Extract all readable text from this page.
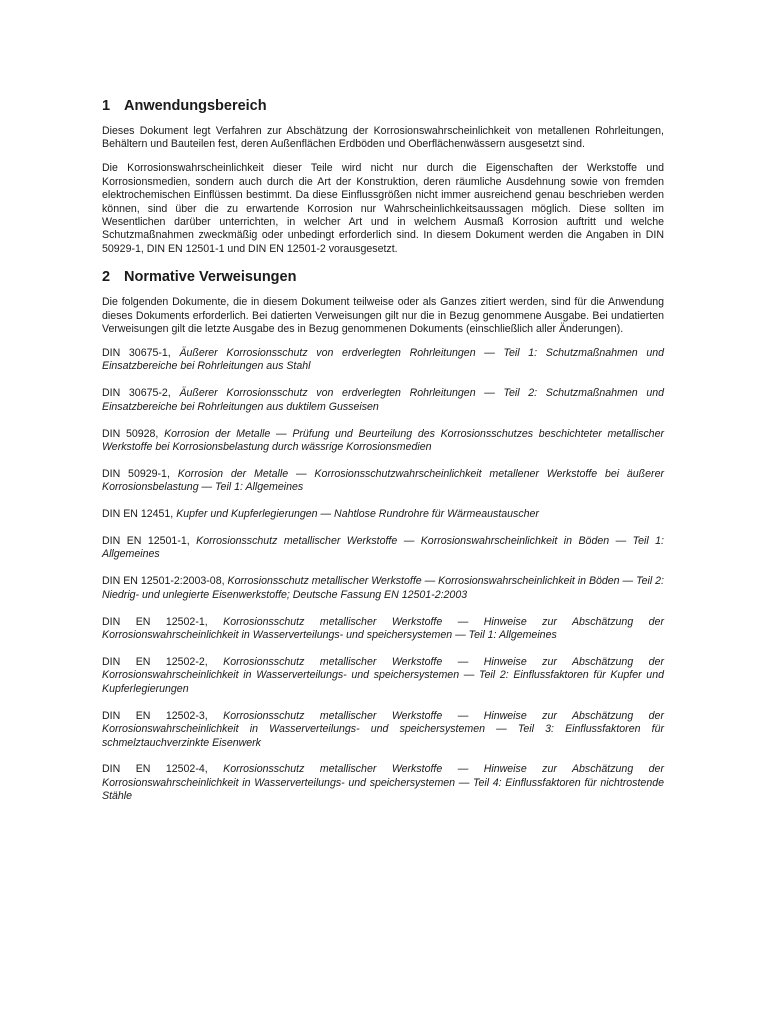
1 Anwendungsbereich

Dieses Dokument legt Verfahren zur Abschätzung der Korrosionswahrscheinlichkeit von metallenen Rohrleitungen, Behältern und Bauteilen fest, deren Außenflächen Erdböden und Oberflächenwässern ausgesetzt sind.

Die Korrosionswahrscheinlichkeit dieser Teile wird nicht nur durch die Eigenschaften der Werkstoffe und Korrosionsmedien, sondern auch durch die Art der Konstruktion, deren räumliche Ausdehnung sowie von fremden elektrochemischen Einflüssen bestimmt. Da diese Einflussgrößen nicht immer ausreichend genau beschrieben werden können, sind über die zu erwartende Korrosion nur Wahrscheinlichkeitsaussagen möglich. Diese sollten im Wesentlichen darüber unterrichten, in welcher Art und in welchem Ausmaß Korrosion auftritt und welche Schutzmaßnahmen zweckmäßig oder unbedingt erforderlich sind. In diesem Dokument werden die Angaben in DIN 50929-1, DIN EN 12501-1 und DIN EN 12501-2 vorausgesetzt.

2 Normative Verweisungen

Die folgenden Dokumente, die in diesem Dokument teilweise oder als Ganzes zitiert werden, sind für die Anwendung dieses Dokuments erforderlich. Bei datierten Verweisungen gilt nur die in Bezug genommene Ausgabe. Bei undatierten Verweisungen gilt die letzte Ausgabe des in Bezug genommenen Dokuments (einschließlich aller Änderungen).

DIN 30675-1, Äußerer Korrosionsschutz von erdverlegten Rohrleitungen — Teil 1: Schutzmaßnahmen und Einsatzbereiche bei Rohrleitungen aus Stahl

DIN 30675-2, Äußerer Korrosionsschutz von erdverlegten Rohrleitungen — Teil 2: Schutzmaßnahmen und Einsatzbereiche bei Rohrleitungen aus duktilem Gusseisen

DIN 50928, Korrosion der Metalle — Prüfung und Beurteilung des Korrosionsschutzes beschichteter metallischer Werkstoffe bei Korrosionsbelastung durch wässrige Korrosionsmedien

DIN 50929-1, Korrosion der Metalle — Korrosionsschutzwahrscheinlichkeit metallener Werkstoffe bei äußerer Korrosionsbelastung — Teil 1: Allgemeines

DIN EN 12451, Kupfer und Kupferlegierungen — Nahtlose Rundrohre für Wärmeaustauscher

DIN EN 12501-1, Korrosionsschutz metallischer Werkstoffe — Korrosionswahrscheinlichkeit in Böden — Teil 1: Allgemeines

DIN EN 12501-2:2003-08, Korrosionsschutz metallischer Werkstoffe — Korrosionswahrscheinlichkeit in Böden — Teil 2: Niedrig- und unlegierte Eisenwerkstoffe; Deutsche Fassung EN 12501-2:2003

DIN EN 12502-1, Korrosionsschutz metallischer Werkstoffe — Hinweise zur Abschätzung der Korrosionswahrscheinlichkeit in Wasserverteilungs- und speichersystemen — Teil 1: Allgemeines

DIN EN 12502-2, Korrosionsschutz metallischer Werkstoffe — Hinweise zur Abschätzung der Korrosionswahrscheinlichkeit in Wasserverteilungs- und speichersystemen — Teil 2: Einflussfaktoren für Kupfer und Kupferlegierungen

DIN EN 12502-3, Korrosionsschutz metallischer Werkstoffe — Hinweise zur Abschätzung der Korrosionswahrscheinlichkeit in Wasserverteilungs- und speichersystemen — Teil 3: Einflussfaktoren für schmelztauchverzinkte Eisenwerk

DIN EN 12502-4, Korrosionsschutz metallischer Werkstoffe — Hinweise zur Abschätzung der Korrosionswahrscheinlichkeit in Wasserverteilungs- und speichersystemen — Teil 4: Einflussfaktoren für nichtrostende Stähle
